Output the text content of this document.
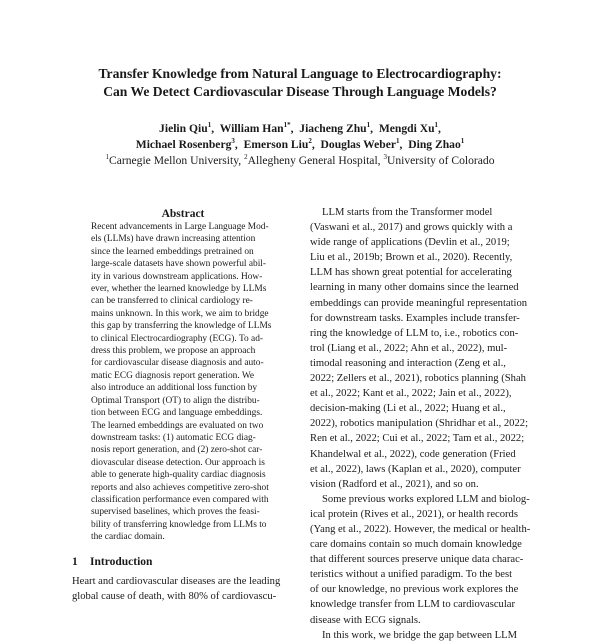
Transfer Knowledge from Natural Language to Electrocardiography:
Can We Detect Cardiovascular Disease Through Language Models?
Jielin Qiu$^1$,  William Han$^{1*}$,  Jiacheng Zhu$^1$,  Mengdi Xu$^1$,
Michael Rosenberg$^3$,  Emerson Liu$^2$,  Douglas Weber$^1$,  Ding Zhao$^1$
$^1$Carnegie Mellon University, $^2$Allegheny General Hospital, $^3$University of Colorado
Abstract
Recent advancements in Large Language Mod-
els (LLMs) have drawn increasing attention
since the learned embeddings pretrained on
large-scale datasets have shown powerful abil-
ity in various downstream applications. How-
ever, whether the learned knowledge by LLMs
can be transferred to clinical cardiology re-
mains unknown. In this work, we aim to bridge
this gap by transferring the knowledge of LLMs
to clinical Electrocardiography (ECG). To ad-
dress this problem, we propose an approach
for cardiovascular disease diagnosis and auto-
matic ECG diagnosis report generation. We
also introduce an additional loss function by
Optimal Transport (OT) to align the distribu-
tion between ECG and language embeddings.
The learned embeddings are evaluated on two
downstream tasks: (1) automatic ECG diag-
nosis report generation, and (2) zero-shot car-
diovascular disease detection. Our approach is
able to generate high-quality cardiac diagnosis
reports and also achieves competitive zero-shot
classification performance even compared with
supervised baselines, which proves the feasi-
bility of transferring knowledge from LLMs to
the cardiac domain.
1 Introduction
Heart and cardiovascular diseases are the leading
global cause of death, with 80% of cardiovascu-
LLM starts from the Transformer model
(Vaswani et al., 2017) and grows quickly with a
wide range of applications (Devlin et al., 2019;
Liu et al., 2019b; Brown et al., 2020). Recently,
LLM has shown great potential for accelerating
learning in many other domains since the learned
embeddings can provide meaningful representation
for downstream tasks. Examples include transfer-
ring the knowledge of LLM to, i.e., robotics con-
trol (Liang et al., 2022; Ahn et al., 2022), mul-
timodal reasoning and interaction (Zeng et al.,
2022; Zellers et al., 2021), robotics planning (Shah
et al., 2022; Kant et al., 2022; Jain et al., 2022),
decision-making (Li et al., 2022; Huang et al.,
2022), robotics manipulation (Shridhar et al., 2022;
Ren et al., 2022; Cui et al., 2022; Tam et al., 2022;
Khandelwal et al., 2022), code generation (Fried
et al., 2022), laws (Kaplan et al., 2020), computer
vision (Radford et al., 2021), and so on.
Some previous works explored LLM and biolog-
ical protein (Rives et al., 2021), or health records
(Yang et al., 2022). However, the medical or health-
care domains contain so much domain knowledge
that different sources preserve unique data charac-
teristics without a unified paradigm. To the best
of our knowledge, no previous work explores the
knowledge transfer from LLM to cardiovascular
disease with ECG signals.
In this work, we bridge the gap between LLM
